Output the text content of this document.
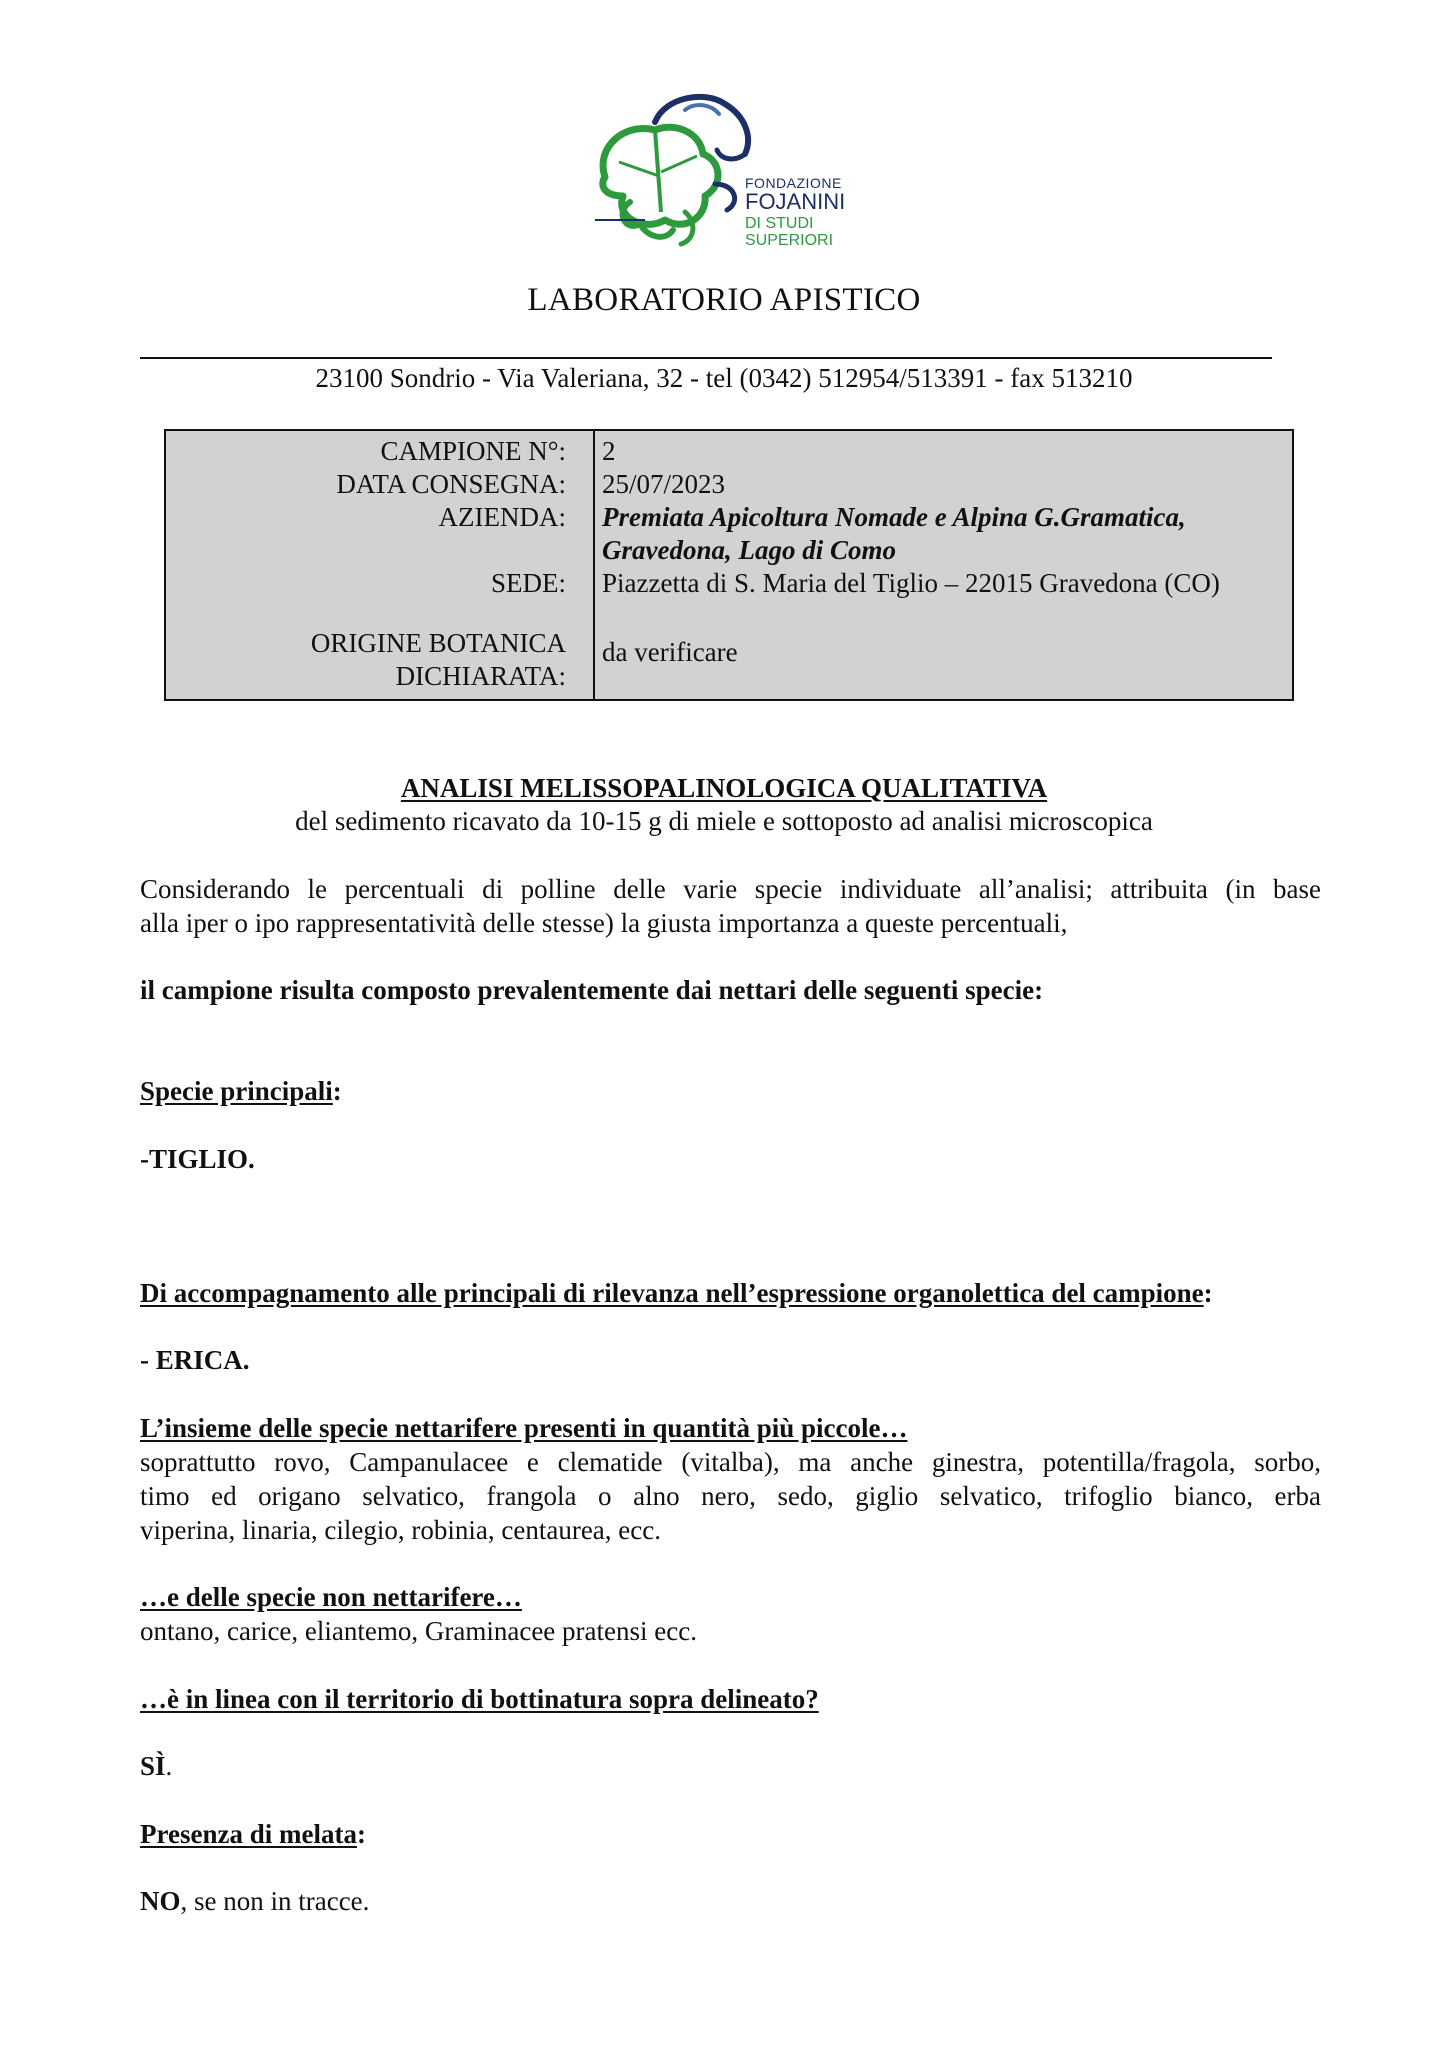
FONDAZIONE
FOJANINI
DI STUDI
SUPERIORI
LABORATORIO APISTICO
23100 Sondrio - Via Valeriana, 32 - tel (0342) 512954/513391 - fax 513210
CAMPIONE N°: 2
DATA CONSEGNA: 25/07/2023
AZIENDA: Premiata Apicoltura Nomade e Alpina G.Gramatica,
Gravedona, Lago di Como
SEDE: Piazzetta di S. Maria del Tiglio – 22015 Gravedona (CO)
ORIGINE BOTANICA
DICHIARATA:
da verificare
ANALISI MELISSOPALINOLOGICA QUALITATIVA
del sedimento ricavato da 10-15 g di miele e sottoposto ad analisi microscopica
Considerando le percentuali di polline delle varie specie individuate all’analisi; attribuita (in base
alla iper o ipo rappresentatività delle stesse) la giusta importanza a queste percentuali,
il campione risulta composto prevalentemente dai nettari delle seguenti specie:
Specie principali:
-TIGLIO.
Di accompagnamento alle principali di rilevanza nell’espressione organolettica del campione:
- ERICA.
L’insieme delle specie nettarifere presenti in quantità più piccole…
soprattutto rovo, Campanulacee e clematide (vitalba), ma anche ginestra, potentilla/fragola, sorbo,
timo ed origano selvatico, frangola o alno nero, sedo, giglio selvatico, trifoglio bianco, erba
viperina, linaria, cilegio, robinia, centaurea, ecc.
…e delle specie non nettarifere…
ontano, carice, eliantemo, Graminacee pratensi ecc.
…è in linea con il territorio di bottinatura sopra delineato?
SÌ.
Presenza di melata:
NO, se non in tracce.
